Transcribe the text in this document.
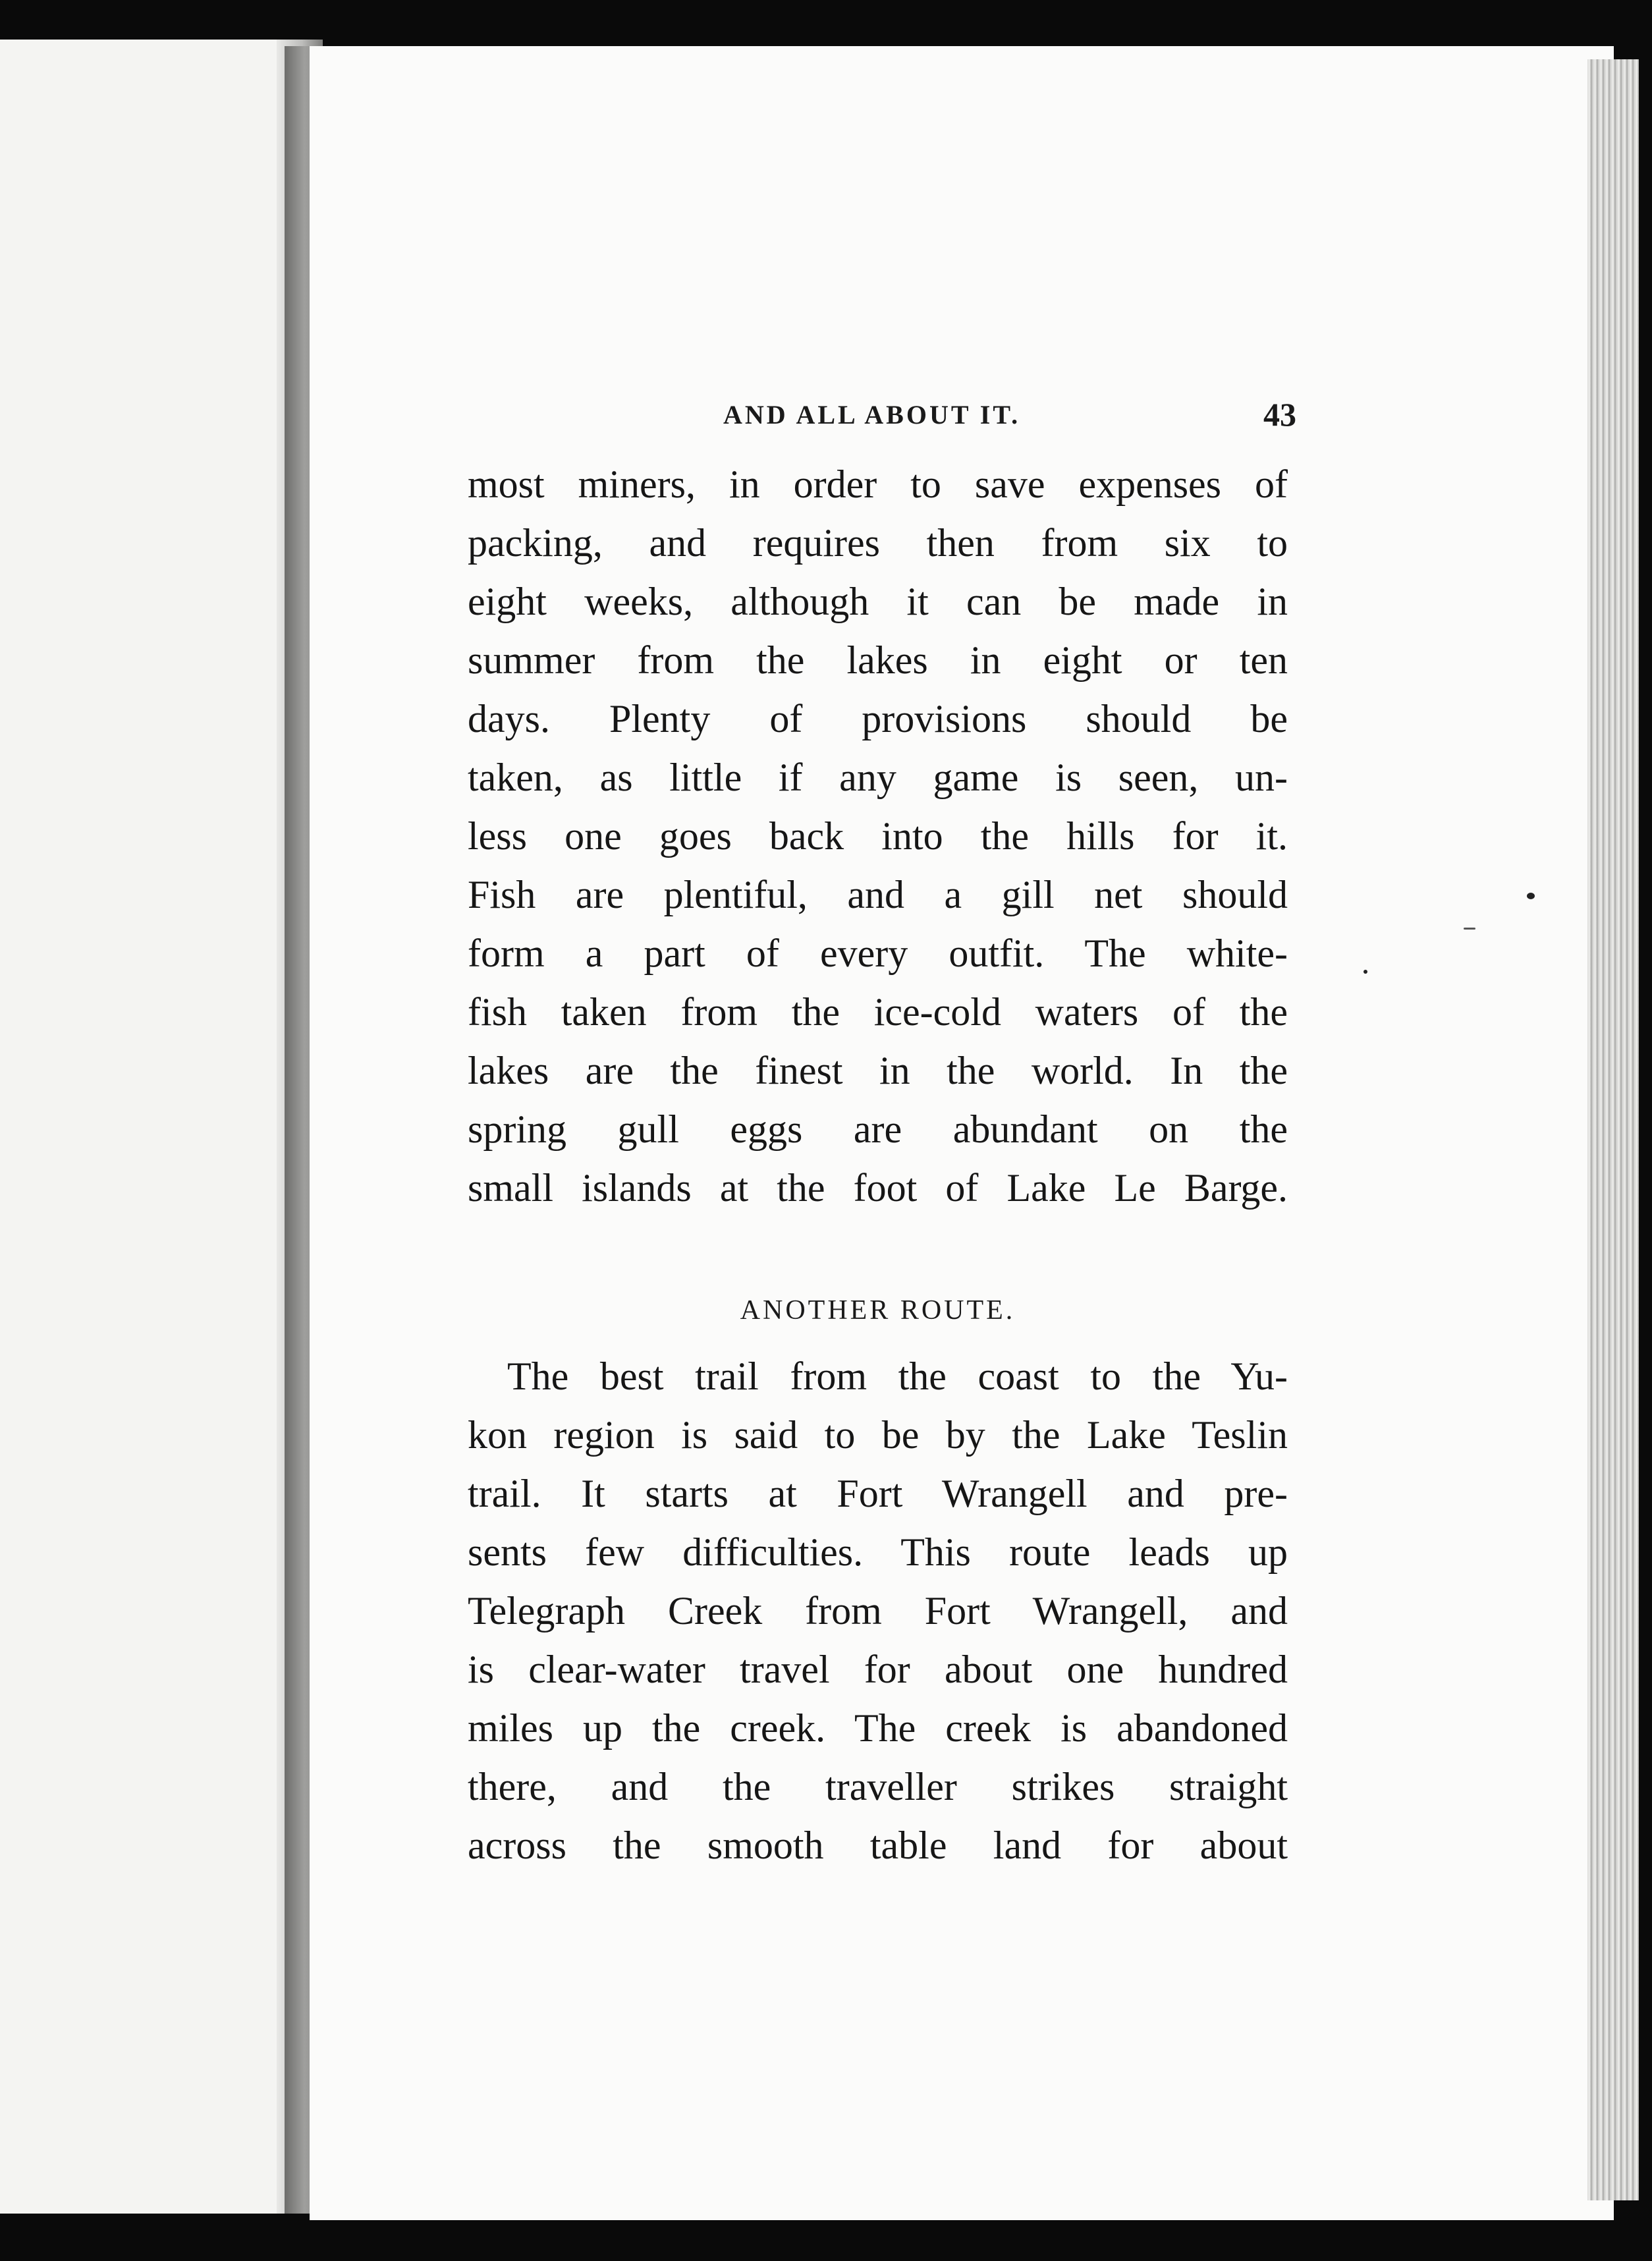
AND ALL ABOUT IT.	43
most miners, in order to save expenses of
packing, and requires then from six to
eight weeks, although it can be made in
summer from the lakes in eight or ten
days. Plenty of provisions should be
taken, as little if any game is seen, un-
less one goes back into the hills for it.
Fish are plentiful, and a gill net should
form a part of every outfit. The white-
fish taken from the ice-cold waters of the
lakes are the finest in the world. In the
spring gull eggs are abundant on the
small islands at the foot of Lake Le Barge.
ANOTHER ROUTE.
The best trail from the coast to the Yu-
kon region is said to be by the Lake Teslin
trail. It starts at Fort Wrangell and pre-
sents few difficulties. This route leads up
Telegraph Creek from Fort Wrangell, and
is clear-water travel for about one hundred
miles up the creek. The creek is abandoned
there, and the traveller strikes straight
across the smooth table land for about
